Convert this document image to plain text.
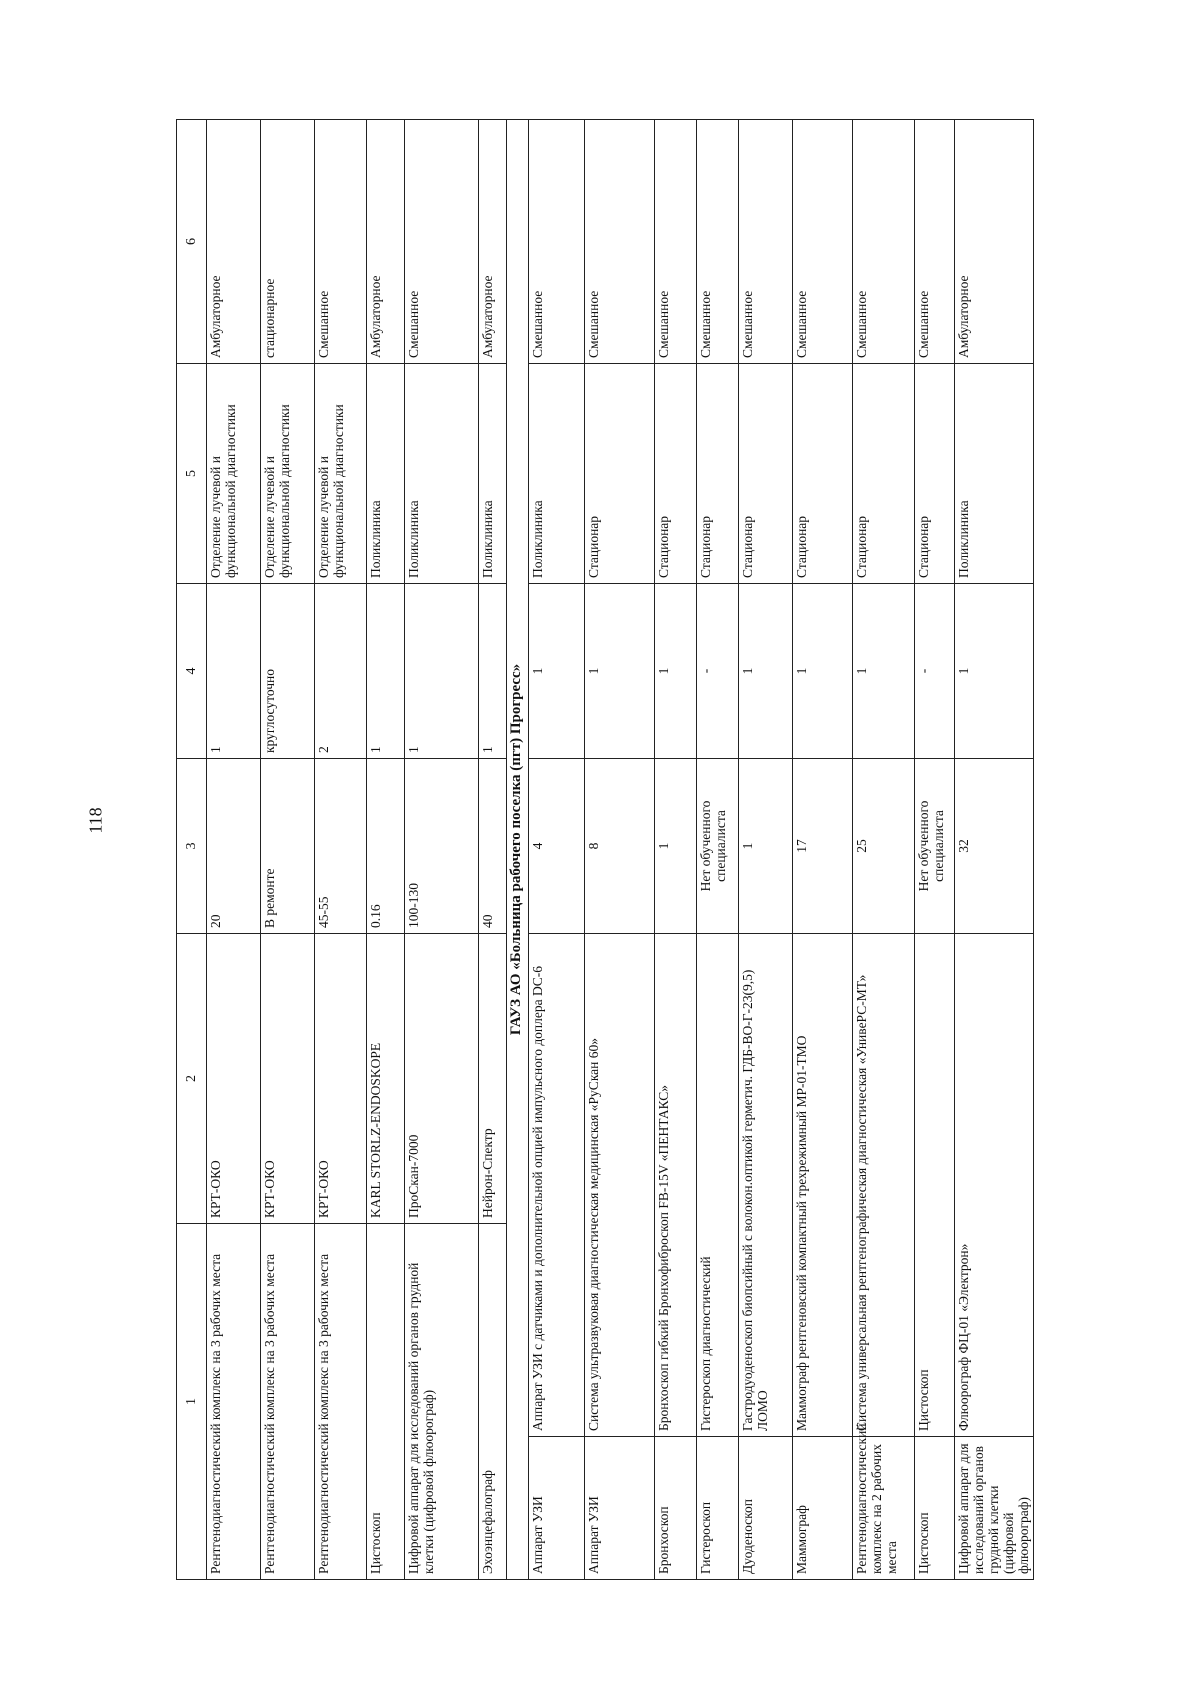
118
1		2	3	4	5	6
Рентгенодиагностический комплекс на 3 рабочих места		КРТ-ОКО	20	1	Отделение лучевой и функциональной диагностики	Амбулаторное
Рентгенодиагностический комплекс на 3 рабочих места		КРТ-ОКО	В ремонте	круглосуточно	Отделение лучевой и функциональной диагностики	стационарное
Рентгенодиагностический комплекс на 3 рабочих места		КРТ-ОКО	45-55	2	Отделение лучевой и функциональной диагностики	Смешанное
Цистоскоп		KARL STORLZ-ENDOSKOPE	0.16	1	Поликлиника	Амбулаторное
Цифровой аппарат для исследований органов грудной клетки (цифровой флюорограф)		ПроСкан-7000	100-130	1	Поликлиника	Смешанное
Эхоэнцефалограф		Нейрон-Спектр	40	1	Поликлиника	Амбулаторное
ГАУЗ АО «Больница рабочего поселка (пгт) Прогресс»						
Аппарат УЗИ	Аппарат УЗИ с датчиками и дополнительной опцией импульсного доплера DC-6		4	1	Поликлиника	Смешанное
Аппарат УЗИ	Система ультразвуковая диагностическая медицинская «РуСкан 60»		8	1	Стационар	Смешанное
Бронхоскоп	Бронхоскоп гибкий Бронхофиброскоп FB-15V «ПЕНТАКС»		1	1	Стационар	Смешанное
Гистероскоп	Гистероскоп диагностический		Нет обученного специалиста	-	Стационар	Смешанное
Дуоденоскоп	Гастродуоденоскоп биопсийный с волокон.оптикой герметич. ГДБ-ВО-Г-23(9,5) ЛОМО		1	1	Стационар	Смешанное
Маммограф	Маммограф рентгеновский компактный трехрежимный МР-01-ТМО		17	1	Стационар	Смешанное
Рентгенодиагностический комплекс на 2 рабочих места	Система универсальная рентгенографическая диагностическая «УнивеРС-МТ»		25	1	Стационар	Смешанное
Цистоскоп	Цистоскоп		Нет обученного специалиста	-	Стационар	Смешанное
Цифровой аппарат для исследований органов грудной клетки (цифровой флюорограф)	Флюорограф ФЦ-01 «Электрон»		32	1	Поликлиника	Амбулаторное
